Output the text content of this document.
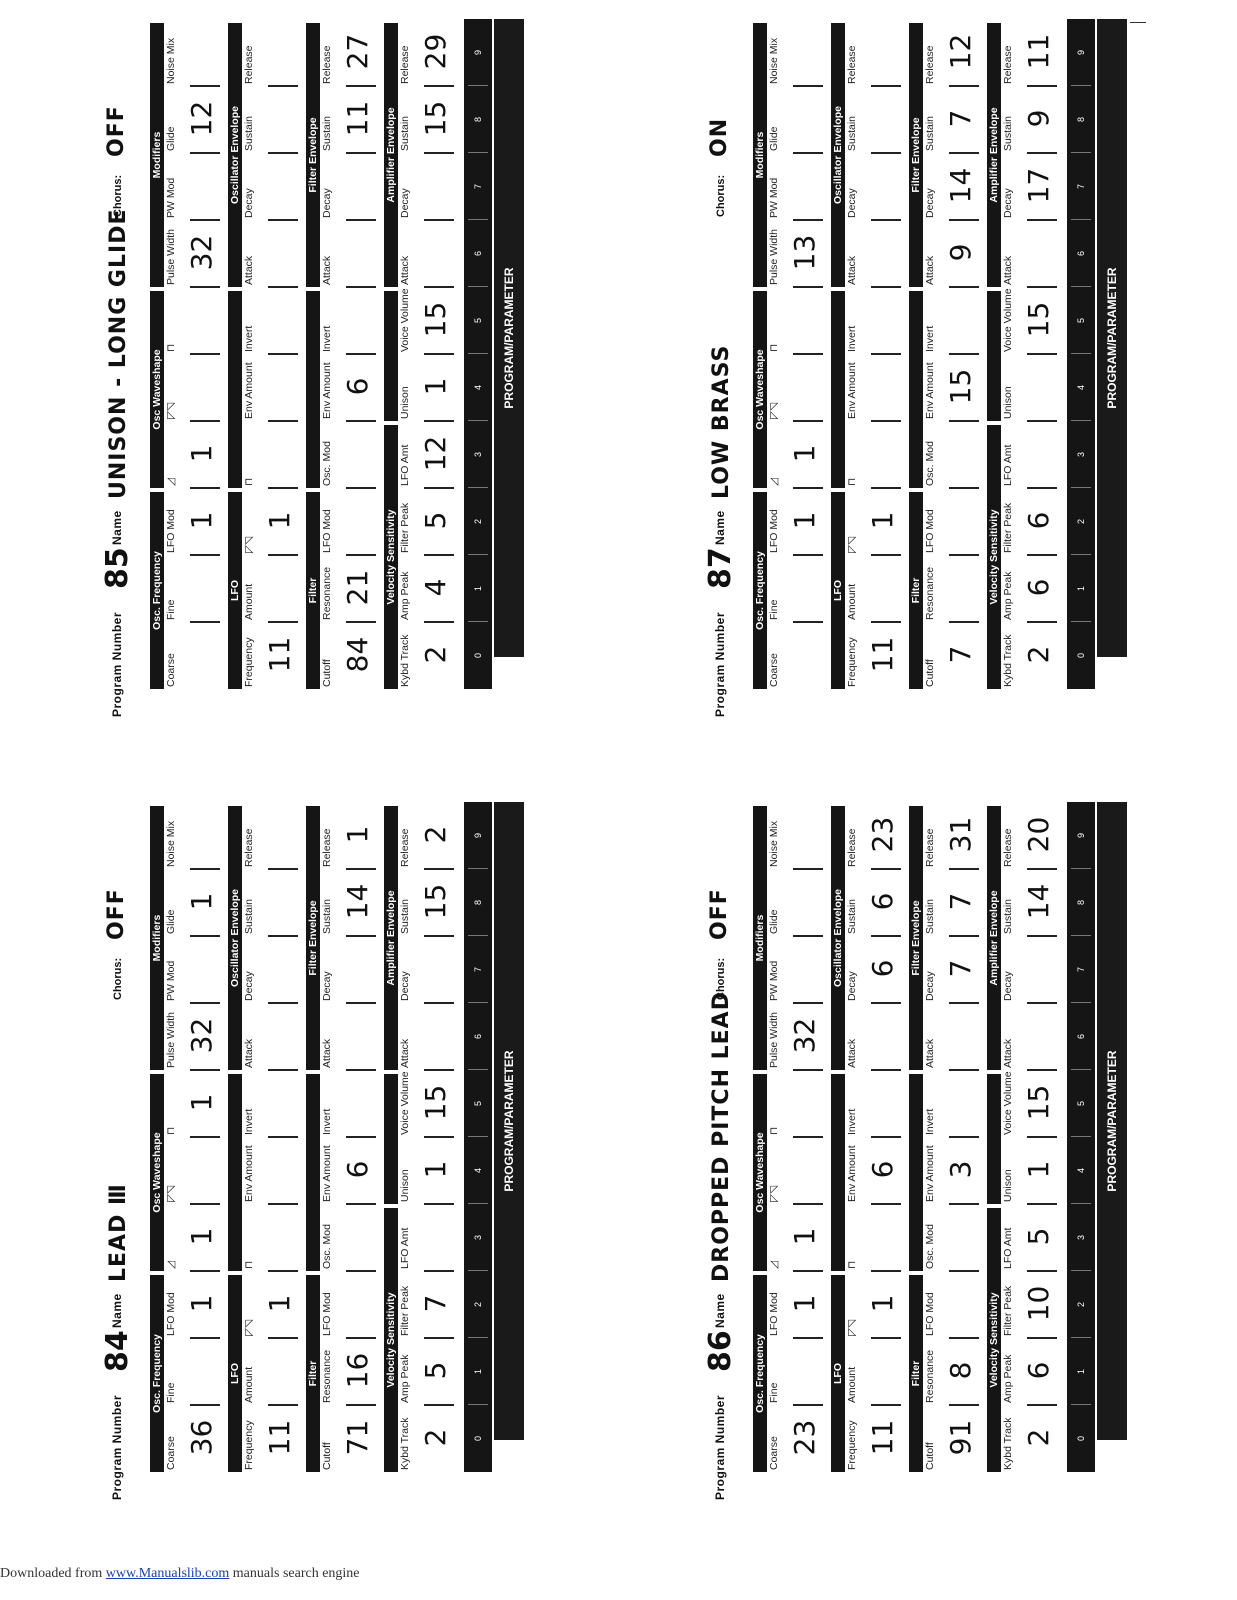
Program Number
84
Name
LEAD Ⅲ
Chorus:
OFF
Osc. Frequency
Osc Waveshape
Modifiers
Coarse 36
Fine
LFO Mod 1
◿
1
◸◹
⊓
1
Pulse Width 32
PW Mod
Glide
1
Noise Mix
LFO
Oscillator Envelope
Frequency 11
Amount
◸◹
1
⊓
Env Amount
Invert
Attack
Decay
Sustain
Release
Filter
Filter Envelope
Cutoff
71
Resonance 16
LFO Mod
Osc. Mod
Env Amount 6
Invert
Attack
Decay
Sustain 14
Release 1
Velocity Sensitivity
Amplifier Envelope
Kybd Track 2
Amp Peak 5
Filter Peak 7
LFO Amt
Unison 1
Voice Volume 15
Attack
Decay
Sustain 15
Release 2
0
1
2
3
4
5
6
7
8
9
PROGRAM/PARAMETER
Program Number
85
Name
UNISON - LONG GLIDE
Chorus:
OFF
Osc. Frequency
Osc Waveshape
Modifiers
Coarse
Fine
LFO Mod 1
◿
1
◸◹
⊓
Pulse Width 32
PW Mod
Glide
12
Noise Mix
LFO
Oscillator Envelope
Frequency 11
Amount
◸◹
1
⊓
Env Amount
Invert
Attack
Decay
Sustain
Release
Filter
Filter Envelope
Cutoff
84
Resonance 21
LFO Mod
Osc. Mod
Env Amount 6
Invert
Attack
Decay
Sustain 11
Release 27
Velocity Sensitivity
Amplifier Envelope
Kybd Track 2
Amp Peak 4
Filter Peak 5
LFO Amt 12
Unison 1
Voice Volume 15
Attack
Decay
Sustain 15
Release 29
0
1
2
3
4
5
6
7
8
9
PROGRAM/PARAMETER
Program Number
86
Name
DROPPED PITCH LEAD
Chorus:
OFF
Osc. Frequency
Osc Waveshape
Modifiers
Coarse 23
Fine
LFO Mod 1
◿
1
◸◹
⊓
Pulse Width 32
PW Mod
Glide
Noise Mix
LFO
Oscillator Envelope
Frequency 11
Amount
◸◹
1
⊓
Env Amount 6
Invert
Attack
Decay
6
Sustain 6
Release 23
Filter
Filter Envelope
Cutoff
91
Resonance 8
LFO Mod
Osc. Mod
Env Amount 3
Invert
Attack
Decay
7
Sustain 7
Release 31
Velocity Sensitivity
Amplifier Envelope
Kybd Track 2
Amp Peak 6
Filter Peak 10
LFO Amt 5
Unison 1
Voice Volume 15
Attack
Decay
Sustain 14
Release 20
0
1
2
3
4
5
6
7
8
9
PROGRAM/PARAMETER
Program Number
87
Name
LOW BRASS
Chorus:
ON
Osc. Frequency
Osc Waveshape
Modifiers
Coarse
Fine
LFO Mod 1
◿
1
◸◹
⊓
Pulse Width 13
PW Mod
Glide
Noise Mix
LFO
Oscillator Envelope
Frequency 11
Amount
◸◹
1
⊓
Env Amount
Invert
Attack
Decay
Sustain
Release
Filter
Filter Envelope
Cutoff
7
Resonance
LFO Mod
Osc. Mod
Env Amount 15
Invert
Attack
9
Decay 14
Sustain 7
Release 12
Velocity Sensitivity
Amplifier Envelope
Kybd Track 2
Amp Peak 6
Filter Peak 6
LFO Amt
Unison
Voice Volume 15
Attack
Decay 17
Sustain 9
Release 11
0
1
2
3
4
5
6
7
8
9
PROGRAM/PARAMETER
Downloaded from www.Manualslib.com manuals search engine
